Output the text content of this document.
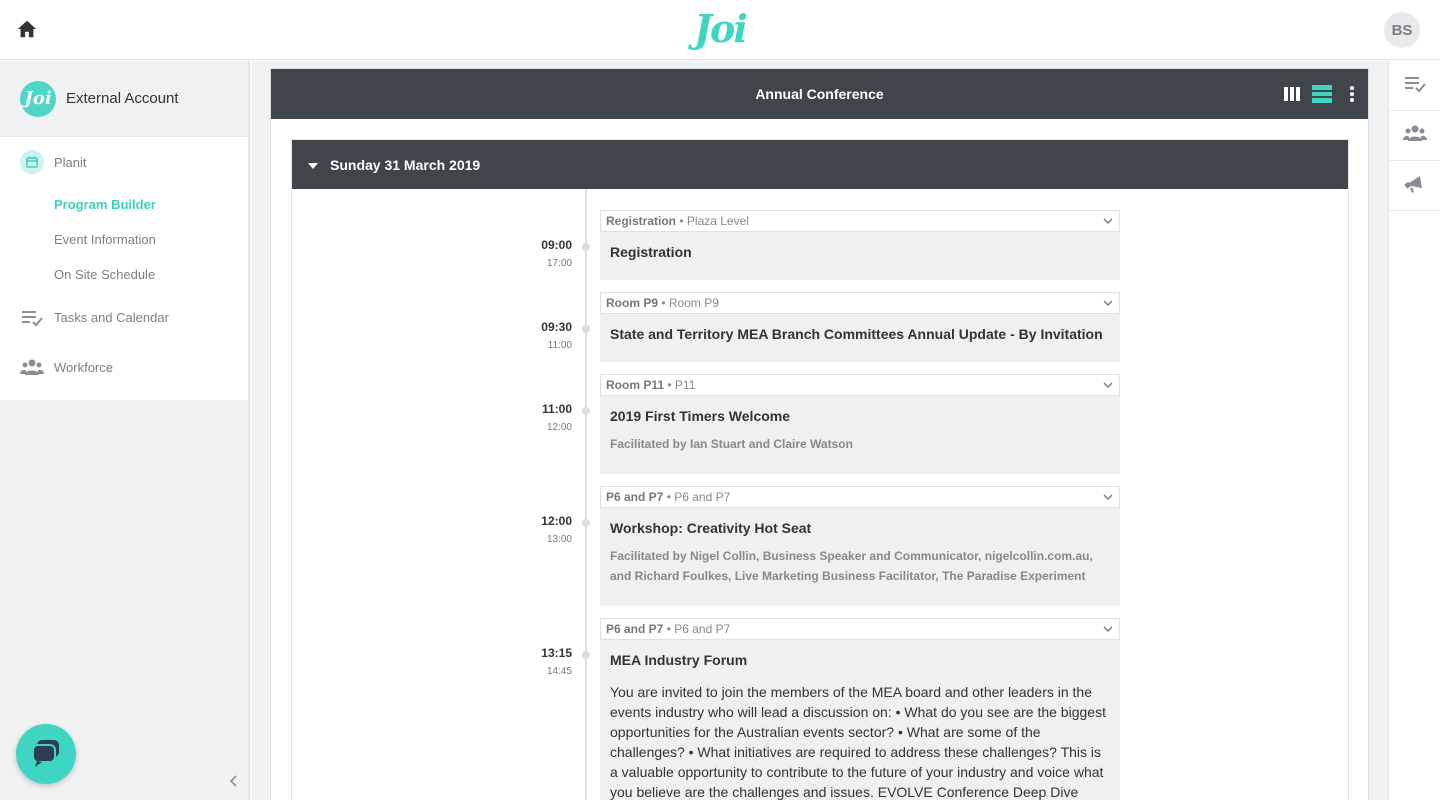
Joi	BS
Joi External Account
Planit
Program Builder
Event Information
On Site Schedule
Tasks and Calendar
Workforce
Annual Conference
Sunday 31 March 2019
09:00
17:00
Registration
• Plaza Level
Registration
09:30
11:00
Room P9
• Room P9
State and Territory MEA Branch Committees Annual Update - By Invitation
11:00
12:00
Room P11
• P11
2019 First Timers Welcome
Facilitated by Ian Stuart and Claire Watson
12:00
13:00
P6 and P7
• P6 and P7
Workshop: Creativity Hot Seat
Facilitated by Nigel Collin, Business Speaker and Communicator, nigelcollin.com.au, and Richard Foulkes, Live Marketing Business Facilitator, The Paradise Experiment
13:15
14:45
P6 and P7
• P6 and P7
MEA Industry Forum
You are invited to join the members of the MEA board and other leaders in the events industry who will lead a discussion on: • What do you see are the biggest opportunities for the Australian events sector? • What are some of the challenges? • What initiatives are required to address these challenges? This is a valuable opportunity to contribute to the future of your industry and voice what you believe are the challenges and issues. EVOLVE Conference Deep Dive
